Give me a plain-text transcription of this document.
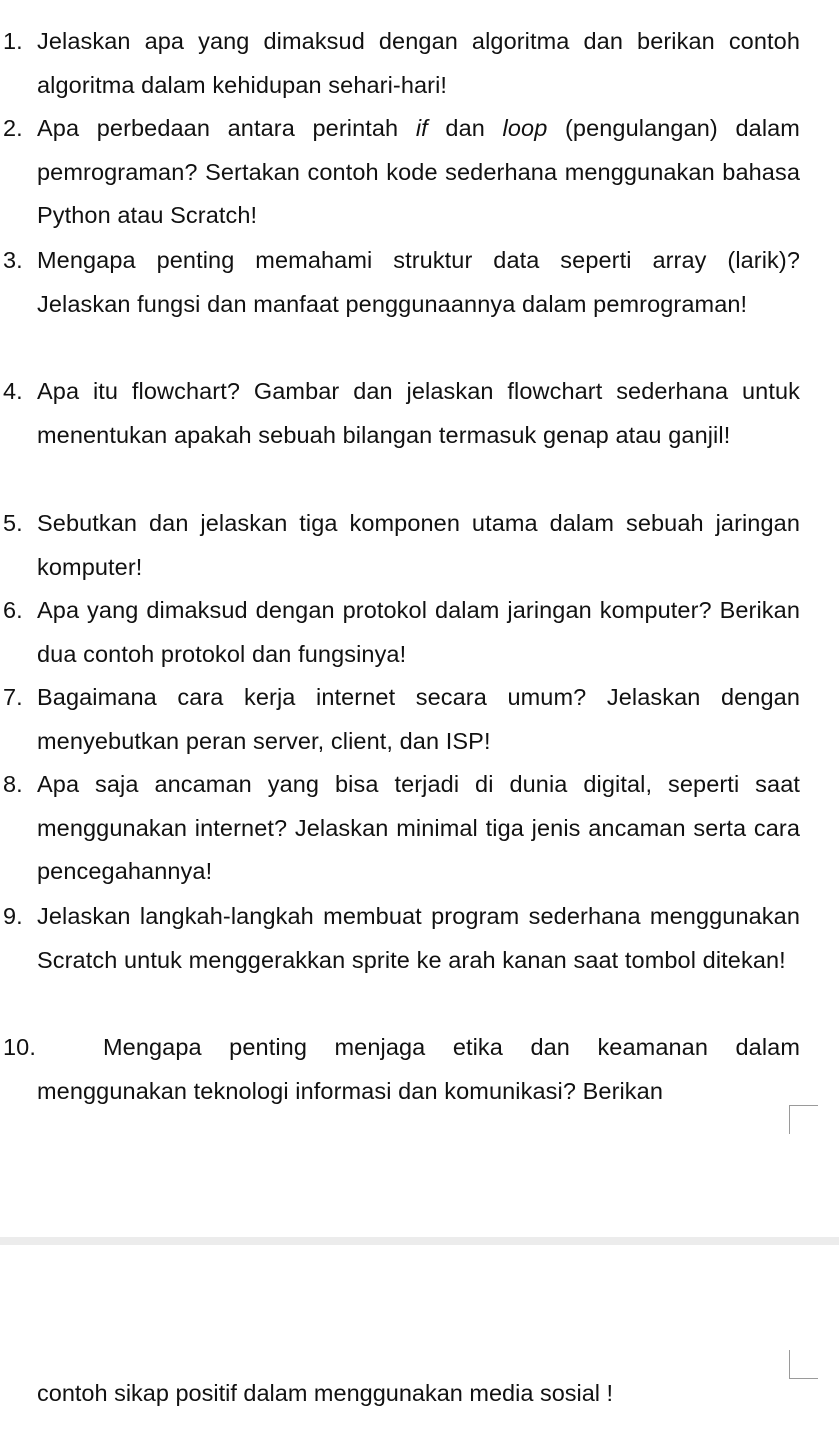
1. Jelaskan apa yang dimaksud dengan algoritma dan berikan contoh algoritma dalam kehidupan sehari-hari!
2. Apa perbedaan antara perintah if dan loop (pengulangan) dalam pemrograman? Sertakan contoh kode sederhana menggunakan bahasa Python atau Scratch!
3. Mengapa penting memahami struktur data seperti array (larik)? Jelaskan fungsi dan manfaat penggunaannya dalam pemrograman!
4. Apa itu flowchart? Gambar dan jelaskan flowchart sederhana untuk menentukan apakah sebuah bilangan termasuk genap atau ganjil!
5. Sebutkan dan jelaskan tiga komponen utama dalam sebuah jaringan komputer!
6. Apa yang dimaksud dengan protokol dalam jaringan komputer? Berikan dua contoh protokol dan fungsinya!
7. Bagaimana cara kerja internet secara umum? Jelaskan dengan menyebutkan peran server, client, dan ISP!
8. Apa saja ancaman yang bisa terjadi di dunia digital, seperti saat menggunakan internet? Jelaskan minimal tiga jenis ancaman serta cara pencegahannya!
9. Jelaskan langkah-langkah membuat program sederhana menggunakan Scratch untuk menggerakkan sprite ke arah kanan saat tombol ditekan!
10.	Mengapa penting menjaga etika dan keamanan dalam menggunakan teknologi informasi dan komunikasi? Berikan
contoh sikap positif dalam menggunakan media sosial !
